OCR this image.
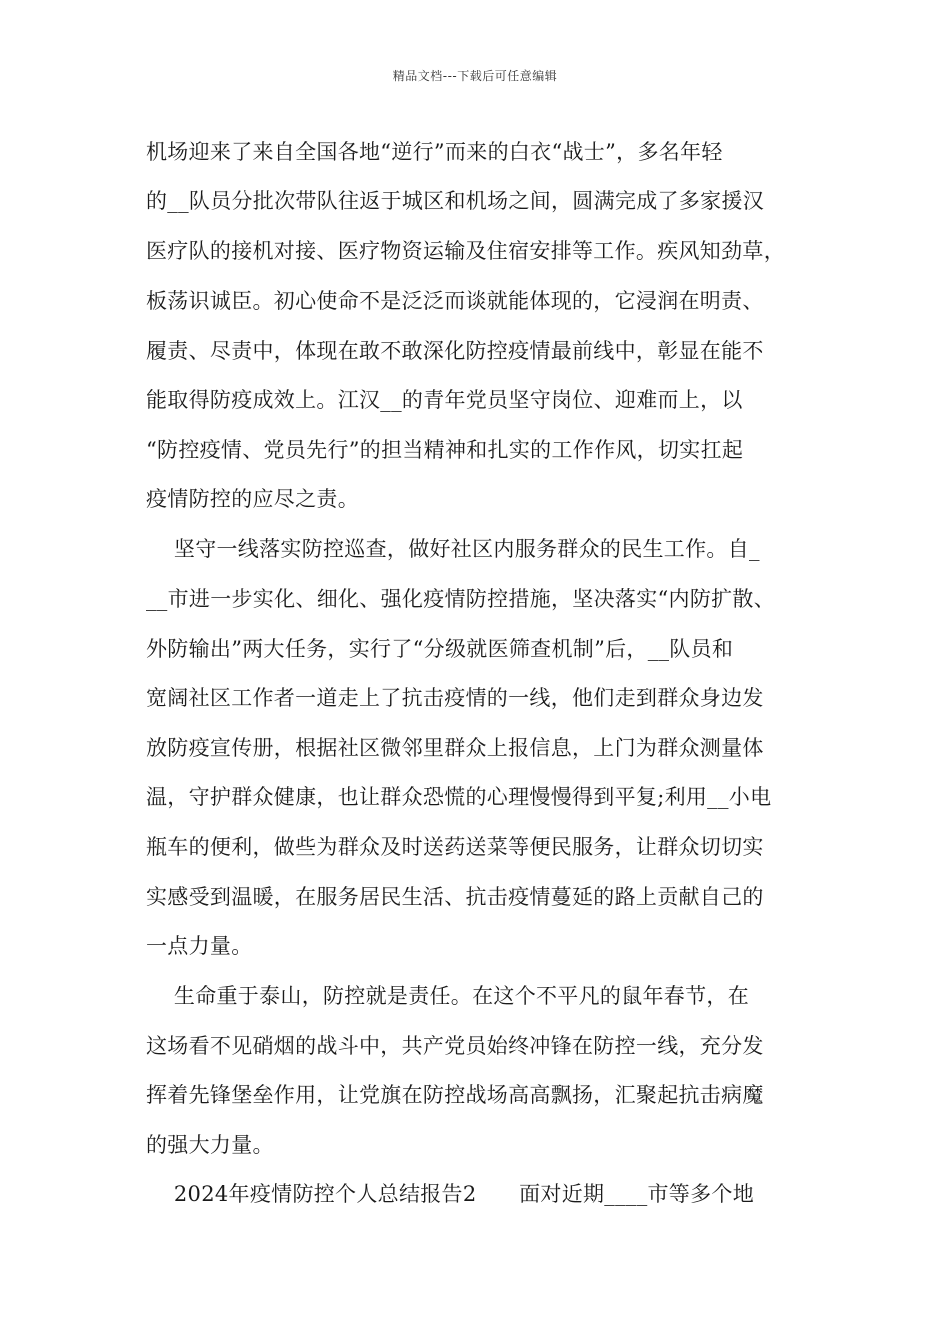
精品文档---下载后可任意编辑
机场迎来了来自全国各地“逆行”而来的白衣“战士”，多名年轻
的__队员分批次带队往返于城区和机场之间，圆满完成了多家援汉
医疗队的接机对接、医疗物资运输及住宿安排等工作。疾风知劲草，
板荡识诚臣。初心使命不是泛泛而谈就能体现的，它浸润在明责、
履责、尽责中，体现在敢不敢深化防控疫情最前线中，彰显在能不
能取得防疫成效上。江汉__的青年党员坚守岗位、迎难而上，以
“防控疫情、党员先行”的担当精神和扎实的工作作风，切实扛起
疫情防控的应尽之责。
坚守一线落实防控巡查，做好社区内服务群众的民生工作。自_
__市进一步实化、细化、强化疫情防控措施，坚决落实“内防扩散、
外防输出”两大任务，实行了“分级就医筛查机制”后，__队员和
宽阔社区工作者一道走上了抗击疫情的一线，他们走到群众身边发
放防疫宣传册，根据社区微邻里群众上报信息，上门为群众测量体
温，守护群众健康，也让群众恐慌的心理慢慢得到平复;利用__小电
瓶车的便利，做些为群众及时送药送菜等便民服务，让群众切切实
实感受到温暖，在服务居民生活、抗击疫情蔓延的路上贡献自己的
一点力量。
生命重于泰山，防控就是责任。在这个不平凡的鼠年春节，在
这场看不见硝烟的战斗中，共产党员始终冲锋在防控一线，充分发
挥着先锋堡垒作用，让党旗在防控战场高高飘扬，汇聚起抗击病魔
的强大力量。
2024年疫情防控个人总结报告2　　面对近期____市等多个地
